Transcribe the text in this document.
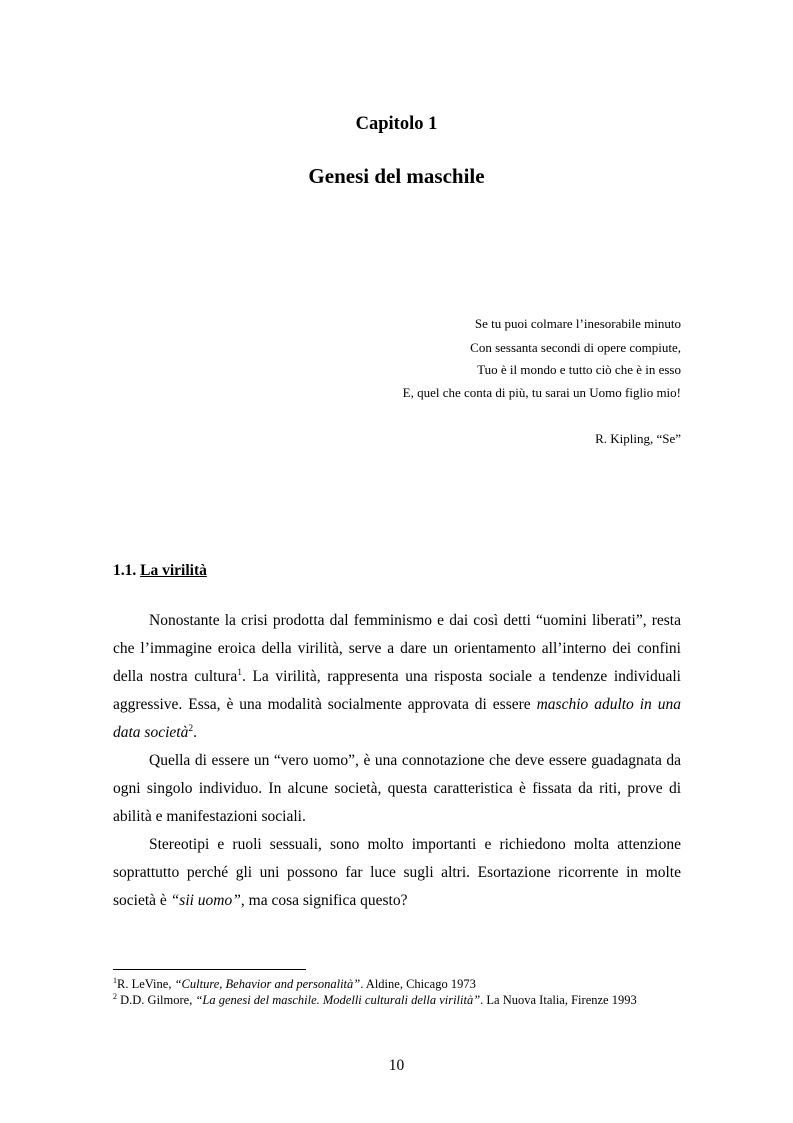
Capitolo 1
Genesi del maschile
Se tu puoi colmare l’inesorabile minuto
Con sessanta secondi di opere compiute,
Tuo è il mondo e tutto ciò che è in esso
E, quel che conta di più, tu sarai un Uomo figlio mio!
R. Kipling, “Se”
1.1. La virilità

Nonostante la crisi prodotta dal femminismo e dai così detti “uomini liberati”, resta che l’immagine eroica della virilità, serve a dare un orientamento all’interno dei confini della nostra cultura$^1$. La virilità, rappresenta una risposta sociale a tendenze individuali aggressive. Essa, è una modalità socialmente approvata di essere maschio adulto in una data società$^2$.

Quella di essere un “vero uomo”, è una connotazione che deve essere guadagnata da ogni singolo individuo. In alcune società, questa caratteristica è fissata da riti, prove di abilità e manifestazioni sociali.

Stereotipi e ruoli sessuali, sono molto importanti e richiedono molta attenzione soprattutto perché gli uni possono far luce sugli altri. Esortazione ricorrente in molte società è “sii uomo”, ma cosa significa questo?

$^1$R. LeVine, “Culture, Behavior and personalità”. Aldine, Chicago 1973
$^2$ D.D. Gilmore, “La genesi del maschile. Modelli culturali della virilità”. La Nuova Italia, Firenze 1993
10
